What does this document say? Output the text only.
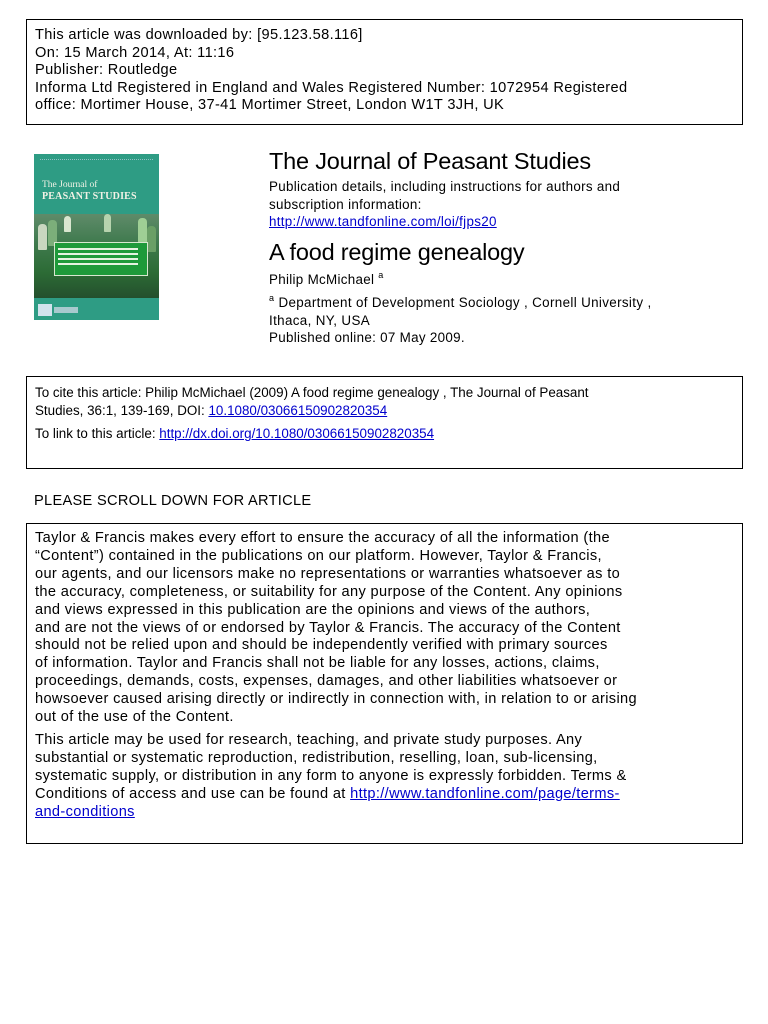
This article was downloaded by: [95.123.58.116]
On: 15 March 2014, At: 11:16
Publisher: Routledge
Informa Ltd Registered in England and Wales Registered Number: 1072954 Registered
office: Mortimer House, 37-41 Mortimer Street, London W1T 3JH, UK
The Journal of
PEASANT STUDIES
The Journal of Peasant Studies
Publication details, including instructions for authors and
subscription information:
http://www.tandfonline.com/loi/fjps20
A food regime genealogy
Philip McMichael $^a$
$^a$ Department of Development Sociology , Cornell University ,
Ithaca, NY, USA
Published online: 07 May 2009.

To cite this article: Philip McMichael (2009) A food regime genealogy , The Journal of Peasant
Studies, 36:1, 139-169, DOI: 10.1080/03066150902820354

To link to this article: http://dx.doi.org/10.1080/03066150902820354

PLEASE SCROLL DOWN FOR ARTICLE

Taylor & Francis makes every effort to ensure the accuracy of all the information (the
“Content”) contained in the publications on our platform. However, Taylor & Francis,
our agents, and our licensors make no representations or warranties whatsoever as to
the accuracy, completeness, or suitability for any purpose of the Content. Any opinions
and views expressed in this publication are the opinions and views of the authors,
and are not the views of or endorsed by Taylor & Francis. The accuracy of the Content
should not be relied upon and should be independently verified with primary sources
of information. Taylor and Francis shall not be liable for any losses, actions, claims,
proceedings, demands, costs, expenses, damages, and other liabilities whatsoever or
howsoever caused arising directly or indirectly in connection with, in relation to or arising
out of the use of the Content.

This article may be used for research, teaching, and private study purposes. Any
substantial or systematic reproduction, redistribution, reselling, loan, sub-licensing,
systematic supply, or distribution in any form to anyone is expressly forbidden. Terms &
Conditions of access and use can be found at http://www.tandfonline.com/page/terms-
and-conditions
